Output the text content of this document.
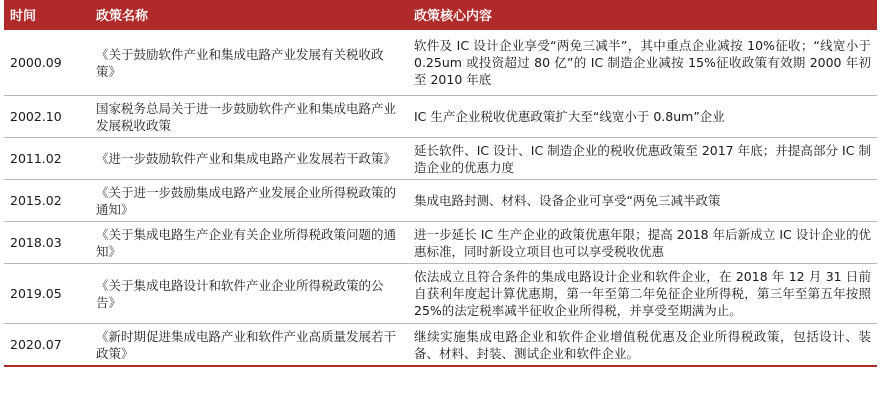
时间	政策名称	政策核心内容
2000.09	《关于鼓励软件产业和集成电路产业发展有关税收政策》	软件及 IC 设计企业享受“两免三减半”，其中重点企业减按 10%征收；“线宽小于 0.25um 或投资超过 80 亿”的 IC 制造企业减按 15%征收政策有效期 2000 年初至 2010 年底
2002.10	国家税务总局关于进一步鼓励软件产业和集成电路产业发展税收政策	IC 生产企业税收优惠政策扩大至“线宽小于 0.8um”企业
2011.02	《进一步鼓励软件产业和集成电路产业发展若干政策》	延长软件、IC 设计、IC 制造企业的税收优惠政策至 2017 年底；并提高部分 IC 制造企业的优惠力度
2015.02	《关于进一步鼓励集成电路产业发展企业所得税政策的通知》	集成电路封测、材料、设备企业可享受“两免三减半政策
2018.03	《关于集成电路生产企业有关企业所得税政策问题的通知》	进一步延长 IC 生产企业的政策优惠年限；提高 2018 年后新成立 IC 设计企业的优惠标准，同时新设立项目也可以享受税收优惠
2019.05	《关于集成电路设计和软件产业企业所得税政策的公告》	依法成立且符合条件的集成电路设计企业和软件企业，在 2018 年 12 月 31 日前自获利年度起计算优惠期，第一年至第二年免征企业所得税，第三年至第五年按照 25%的法定税率减半征收企业所得税，并享受至期满为止。
2020.07	《新时期促进集成电路产业和软件产业高质量发展若干政策》	继续实施集成电路企业和软件企业增值税优惠及企业所得税政策，包括设计、装备、材料、封装、测试企业和软件企业。
